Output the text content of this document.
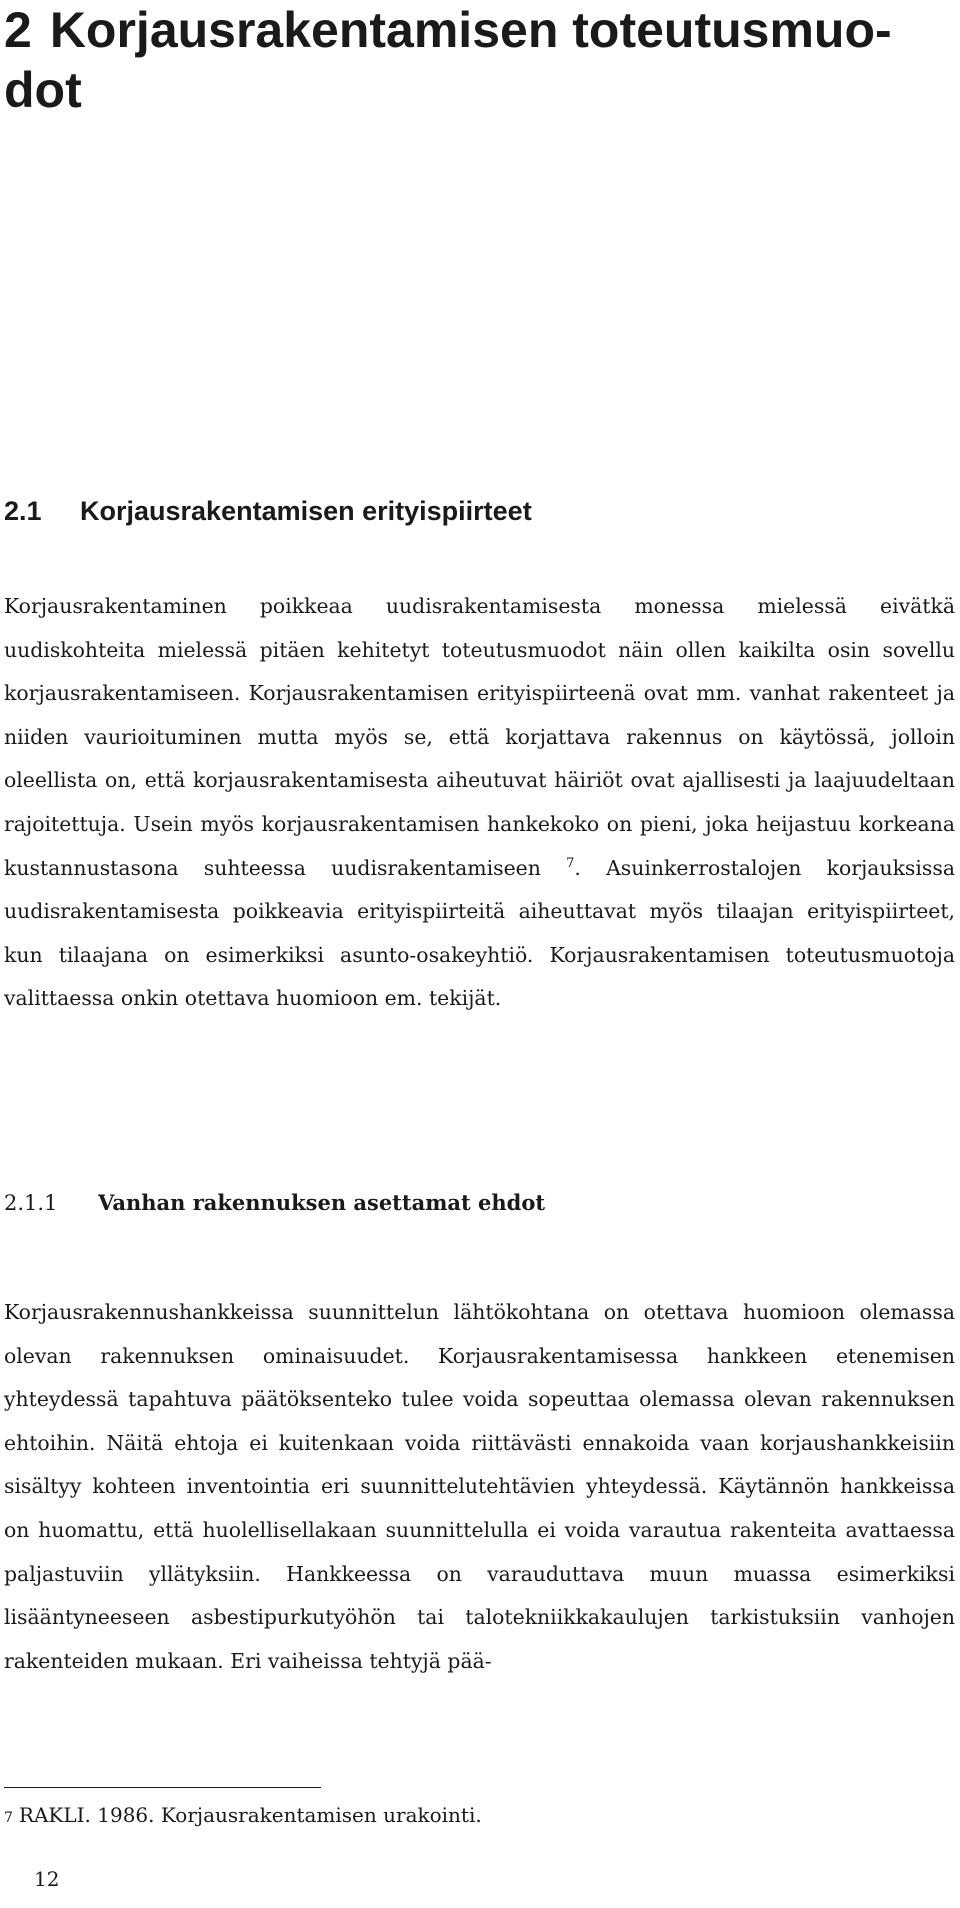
2 Korjausrakentamisen toteutusmuo- dot
2.1 Korjausrakentamisen erityispiirteet

Korjausrakentaminen poikkeaa uudisrakentamisesta monessa mielessä eivätkä uudiskohteita mielessä pitäen kehitetyt toteutusmuodot näin ollen kaikilta osin sovellu korjausrakentamiseen. Korjausrakentamisen erityispiirteenä ovat mm. vanhat rakenteet ja niiden vaurioituminen mutta myös se, että korjattava rakennus on käytössä, jolloin oleellista on, että korjausrakentamisesta aiheutuvat häiriöt ovat ajallisesti ja laajuudeltaan rajoitettuja. Usein myös korjausrakentamisen hankekoko on pieni, joka heijastuu korkeana kustannustasona suhteessa uudisrakentamiseen $^7$. Asuinkerrostalojen korjauksissa uudisrakentamisesta poikkeavia erityispiirteitä aiheuttavat myös tilaajan erityispiirteet, kun tilaajana on esimerkiksi asunto-osakeyhtiö. Korjausrakentamisen toteutusmuotoja valittaessa onkin otettava huomioon em. tekijät.

2.1.1 Vanhan rakennuksen asettamat ehdot

Korjausrakennushankkeissa suunnittelun lähtökohtana on otettava huomioon olemassa olevan rakennuksen ominaisuudet. Korjausrakentamisessa hankkeen etenemisen yhteydessä tapahtuva päätöksenteko tulee voida sopeuttaa olemassa olevan rakennuksen ehtoihin. Näitä ehtoja ei kuitenkaan voida riittävästi ennakoida vaan korjaushankkeisiin sisältyy kohteen inventointia eri suunnittelutehtävien yhteydessä. Käytännön hankkeissa on huomattu, että huolellisellakaan suunnittelulla ei voida varautua rakenteita avattaessa paljastuviin yllätyksiin. Hankkeessa on varauduttava muun muassa esimerkiksi lisääntyneeseen asbestipurkutyöhön tai talotekniikkakaulujen tarkistuksiin vanhojen rakenteiden mukaan. Eri vaiheissa tehtyjä pää-

7 RAKLI. 1986. Korjausrakentamisen urakointi.

12
